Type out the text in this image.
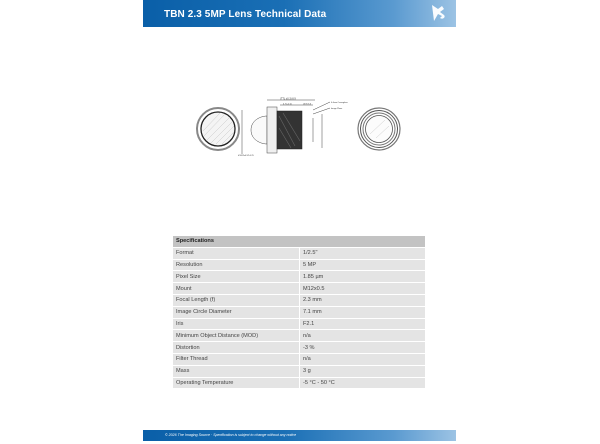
TBN 2.3 5MP Lens Technical Data
(TTL ±0.3) 8.9
4.7(+0.2)	(3.9) 5.5
0.4mm Coverglass
Image Plane
Ø M12x0.5P-6.25
Specifications	
Format	1/2.5"
Resolution	5 MP
Pixel Size	1.85 µm
Mount	M12x0.5
Focal Length (f)	2.3 mm
Image Circle Diameter	7.1 mm
Iris	F2.1
Minimum Object Distance (MOD)	n/a
Distortion	-3 %
Filter Thread	n/a
Mass	3 g
Operating Temperature	-5 °C - 50 °C
© 2026 The Imaging Source · Specification is subject to change without any notice
